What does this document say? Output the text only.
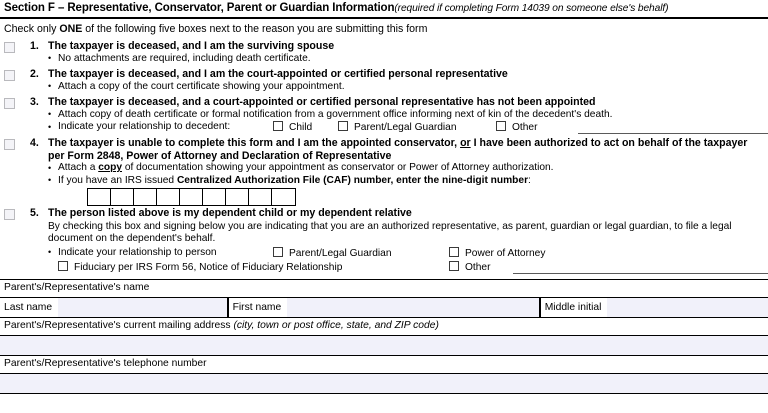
Section F – Representative, Conservator, Parent or Guardian Information(required if completing Form 14039 on someone else's behalf)
Check only ONE of the following five boxes next to the reason you are submitting this form
1. The taxpayer is deceased, and I am the surviving spouse
• No attachments are required, including death certificate.
2. The taxpayer is deceased, and I am the court-appointed or certified personal representative
• Attach a copy of the court certificate showing your appointment.
3. The taxpayer is deceased, and a court-appointed or certified personal representative has not been appointed
• Attach copy of death certificate or formal notification from a government office informing next of kin of the decedent's death.
• Indicate your relationship to decedent:	Child	Parent/Legal Guardian	Other
4. The taxpayer is unable to complete this form and I am the appointed conservator, or I have been authorized to act on behalf of the taxpayer per Form 2848, Power of Attorney and Declaration of Representative
• Attach a copy of documentation showing your appointment as conservator or Power of Attorney authorization.
• If you have an IRS issued Centralized Authorization File (CAF) number, enter the nine-digit number:
5. The person listed above is my dependent child or my dependent relative
By checking this box and signing below you are indicating that you are an authorized representative, as parent, guardian or legal guardian, to file a legal document on the dependent's behalf.
• Indicate your relationship to person	Parent/Legal Guardian	Power of Attorney
Fiduciary per IRS Form 56, Notice of Fiduciary Relationship	Other
Parent's/Representative's name
Last name	First name	Middle initial
Parent's/Representative's current mailing address (city, town or post office, state, and ZIP code)
Parent's/Representative's telephone number
